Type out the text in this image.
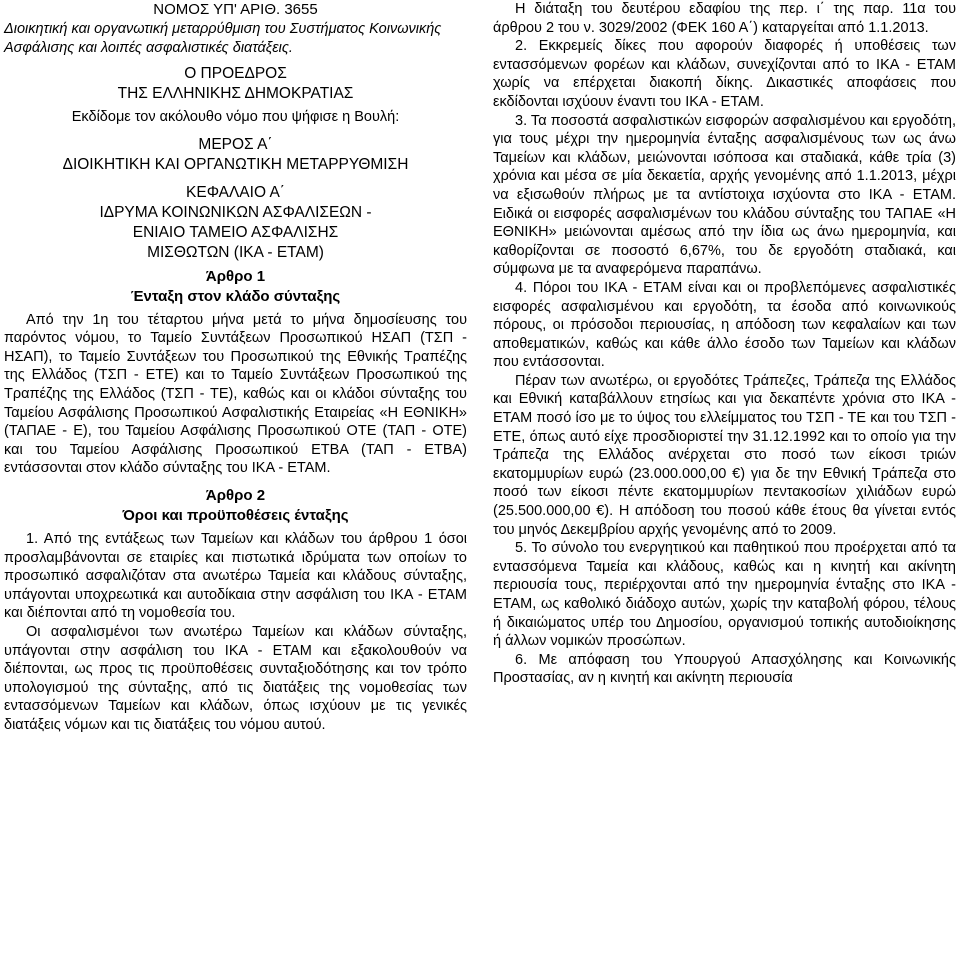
ΝΟΜΟΣ ΥΠ' ΑΡΙΘ. 3655

Διοικητική και οργανωτική μεταρρύθμιση του Συστήματος Κοινωνικής Ασφάλισης και λοιπές ασφαλιστικές διατάξεις.

Ο ΠΡΟΕΔΡΟΣ

ΤΗΣ ΕΛΛΗΝΙΚΗΣ ΔΗΜΟΚΡΑΤΙΑΣ

Εκδίδομε τον ακόλουθο νόμο που ψήφισε η Βουλή:

ΜΕΡΟΣ Α΄

ΔΙΟΙΚΗΤΙΚΗ ΚΑΙ ΟΡΓΑΝΩΤΙΚΗ ΜΕΤΑΡΡΥΘΜΙΣΗ

ΚΕΦΑΛΑΙΟ Α΄

ΙΔΡΥΜΑ ΚΟΙΝΩΝΙΚΩΝ ΑΣΦΑΛΙΣΕΩΝ -

ΕΝΙΑΙΟ ΤΑΜΕΙΟ ΑΣΦΑΛΙΣΗΣ

ΜΙΣΘΩΤΩΝ (ΙΚΑ - ΕΤΑΜ)

Άρθρο 1

Ένταξη στον κλάδο σύνταξης

Από την 1η του τέταρτου μήνα μετά το μήνα δημοσίευσης του παρόντος νόμου, το Ταμείο Συντάξεων Προσωπικού ΗΣΑΠ (ΤΣΠ - ΗΣΑΠ), το Ταμείο Συντάξεων του Προσωπικού της Εθνικής Τραπέζης της Ελλάδος (ΤΣΠ - ΕΤΕ) και το Ταμείο Συντάξεων Προσωπικού της Τραπέζης της Ελλάδος (ΤΣΠ - ΤΕ), καθώς και οι κλάδοι σύνταξης του Ταμείου Ασφάλισης Προσωπικού Ασφαλιστικής Εταιρείας «Η ΕΘΝΙΚΗ» (ΤΑΠΑΕ - Ε), του Ταμείου Ασφάλισης Προσωπικού ΟΤΕ (ΤΑΠ - ΟΤΕ) και του Ταμείου Ασφάλισης Προσωπικού ΕΤΒΑ (ΤΑΠ - ΕΤΒΑ) εντάσσονται στον κλάδο σύνταξης του ΙΚΑ - ΕΤΑΜ.

Άρθρο 2

Όροι και προϋποθέσεις ένταξης

1. Από της εντάξεως των Ταμείων και κλάδων του άρθρου 1 όσοι προσλαμβάνονται σε εταιρίες και πιστωτικά ιδρύματα των οποίων το προσωπικό ασφαλιζόταν στα ανωτέρω Ταμεία και κλάδους σύνταξης, υπάγονται υποχρεωτικά και αυτοδίκαια στην ασφάλιση του ΙΚΑ - ΕΤΑΜ και διέπονται από τη νομοθεσία του.

Οι ασφαλισμένοι των ανωτέρω Ταμείων και κλάδων σύνταξης, υπάγονται στην ασφάλιση του ΙΚΑ - ΕΤΑΜ και εξακολουθούν να διέπονται, ως προς τις προϋποθέσεις συνταξιοδότησης και τον τρόπο υπολογισμού της σύνταξης, από τις διατάξεις της νομοθεσίας των εντασσόμενων Ταμείων και κλάδων, όπως ισχύουν με τις γενικές διατάξεις νόμων και τις διατάξεις του νόμου αυτού.

Η διάταξη του δευτέρου εδαφίου της περ. ι΄ της παρ. 11α του άρθρου 2 του ν. 3029/2002 (ΦΕΚ 160 Α΄) καταργείται από 1.1.2013.

2. Εκκρεμείς δίκες που αφορούν διαφορές ή υποθέσεις των εντασσόμενων φορέων και κλάδων, συνεχίζονται από το ΙΚΑ - ΕΤΑΜ χωρίς να επέρχεται διακοπή δίκης. Δικαστικές αποφάσεις που εκδίδονται ισχύουν έναντι του ΙΚΑ - ΕΤΑΜ.

3. Τα ποσοστά ασφαλιστικών εισφορών ασφαλισμένου και εργοδότη, για τους μέχρι την ημερομηνία ένταξης ασφαλισμένους των ως άνω Ταμείων και κλάδων, μειώνονται ισόποσα και σταδιακά, κάθε τρία (3) χρόνια και μέσα σε μία δεκαετία, αρχής γενομένης από 1.1.2013, μέχρι να εξισωθούν πλήρως με τα αντίστοιχα ισχύοντα στο ΙΚΑ - ΕΤΑΜ. Ειδικά οι εισφορές ασφαλισμένων του κλάδου σύνταξης του ΤΑΠΑΕ «Η ΕΘΝΙΚΗ» μειώνονται αμέσως από την ίδια ως άνω ημερομηνία, και καθορίζονται σε ποσοστό 6,67%, του δε εργοδότη σταδιακά, και σύμφωνα με τα αναφερόμενα παραπάνω.

4. Πόροι του ΙΚΑ - ΕΤΑΜ είναι και οι προβλεπόμενες ασφαλιστικές εισφορές ασφαλισμένου και εργοδότη, τα έσοδα από κοινωνικούς πόρους, οι πρόσοδοι περιουσίας, η απόδοση των κεφαλαίων και των αποθεματικών, καθώς και κάθε άλλο έσοδο των Ταμείων και κλάδων που εντάσσονται.

Πέραν των ανωτέρω, οι εργοδότες Τράπεζες, Τράπεζα της Ελλάδος και Εθνική καταβάλλουν ετησίως και για δεκαπέντε χρόνια στο ΙΚΑ - ΕΤΑΜ ποσό ίσο με το ύψος του ελλείμματος του ΤΣΠ - ΤΕ και του ΤΣΠ - ΕΤΕ, όπως αυτό είχε προσδιοριστεί την 31.12.1992 και το οποίο για την Τράπεζα της Ελλάδος ανέρχεται στο ποσό των είκοσι τριών εκατομμυρίων ευρώ (23.000.000,00 €) για δε την Εθνική Τράπεζα στο ποσό των είκοσι πέντε εκατομμυρίων πεντακοσίων χιλιάδων ευρώ (25.500.000,00 €). Η απόδοση του ποσού κάθε έτους θα γίνεται εντός του μηνός Δεκεμβρίου αρχής γενομένης από το 2009.

5. Το σύνολο του ενεργητικού και παθητικού που προέρχεται από τα εντασσόμενα Ταμεία και κλάδους, καθώς και η κινητή και ακίνητη περιουσία τους, περιέρχονται από την ημερομηνία ένταξης στο ΙΚΑ - ΕΤΑΜ, ως καθολικό διάδοχο αυτών, χωρίς την καταβολή φόρου, τέλους ή δικαιώματος υπέρ του Δημοσίου, οργανισμού τοπικής αυτοδιοίκησης ή άλλων νομικών προσώπων.

6. Με απόφαση του Υπουργού Απασχόλησης και Κοινωνικής Προστασίας, αν η κινητή και ακίνητη περιουσία
